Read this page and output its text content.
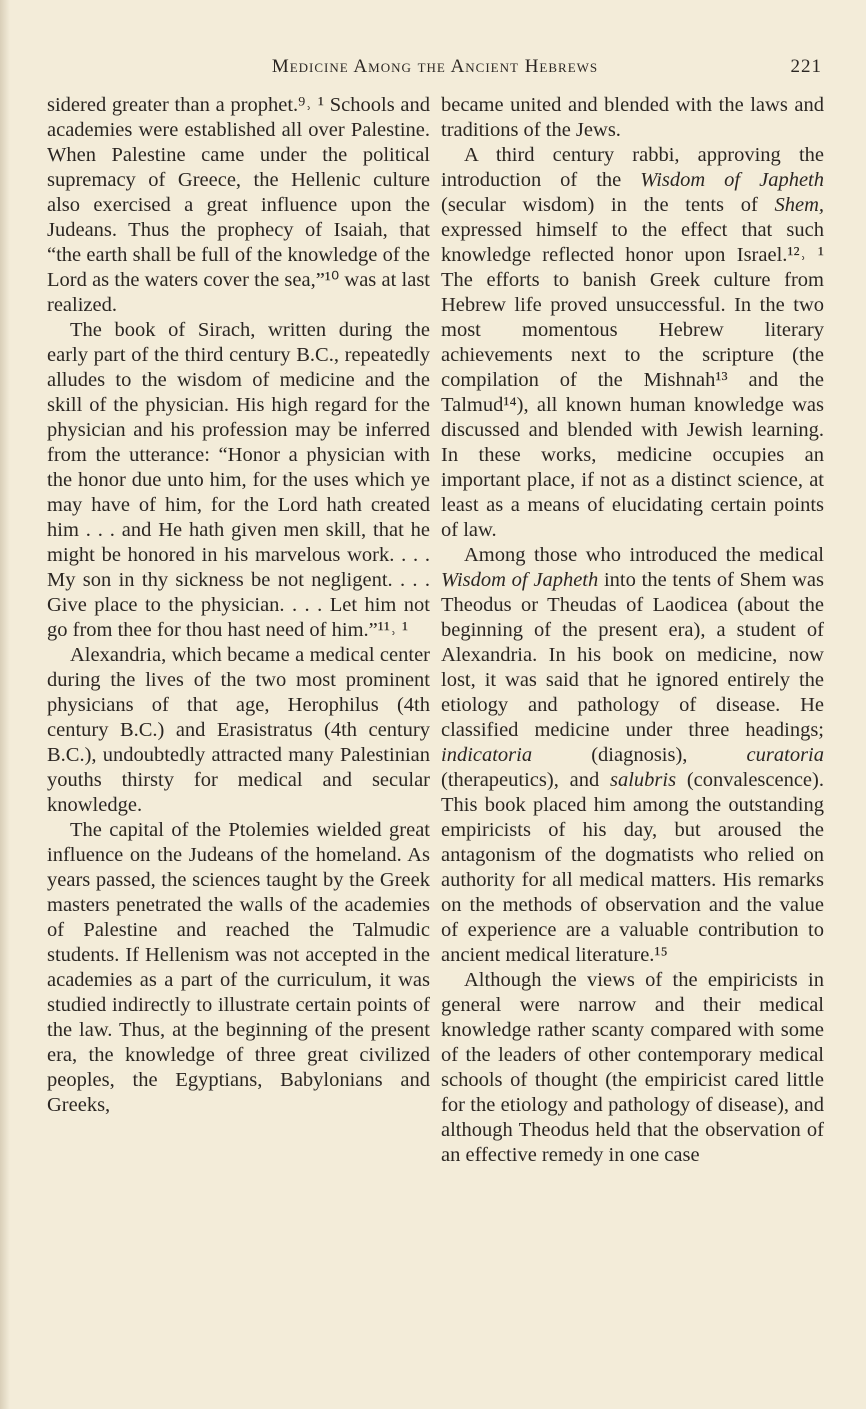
Medicine Among the Ancient Hebrews	221

sidered greater than a prophet.⁹˒ ¹ Schools and academies were established all over Palestine. When Palestine came under the political supremacy of Greece, the Hellenic culture also exercised a great influence upon the Judeans. Thus the prophecy of Isaiah, that “the earth shall be full of the knowledge of the Lord as the waters cover the sea,”¹⁰ was at last realized.

The book of Sirach, written during the early part of the third century B.C., repeatedly alludes to the wisdom of medicine and the skill of the physician. His high regard for the physician and his profession may be inferred from the utterance: “Honor a physician with the honor due unto him, for the uses which ye may have of him, for the Lord hath created him . . . and He hath given men skill, that he might be honored in his marvelous work. . . . My son in thy sickness be not negligent. . . . Give place to the physician. . . . Let him not go from thee for thou hast need of him.”¹¹˒ ¹

Alexandria, which became a medical center during the lives of the two most prominent physicians of that age, Herophilus (4th century B.C.) and Erasistratus (4th century B.C.), undoubtedly attracted many Palestinian youths thirsty for medical and secular knowledge.

The capital of the Ptolemies wielded great influence on the Judeans of the homeland. As years passed, the sciences taught by the Greek masters penetrated the walls of the academies of Palestine and reached the Talmudic students. If Hellenism was not accepted in the academies as a part of the curriculum, it was studied indirectly to illustrate certain points of the law. Thus, at the beginning of the present era, the knowledge of three great civilized peoples, the Egyptians, Babylonians and Greeks,

became united and blended with the laws and traditions of the Jews.

A third century rabbi, approving the introduction of the Wisdom of Japheth (secular wisdom) in the tents of Shem, expressed himself to the effect that such knowledge reflected honor upon Israel.¹²˒ ¹ The efforts to banish Greek culture from Hebrew life proved unsuccessful. In the two most momentous Hebrew literary achievements next to the scripture (the compilation of the Mishnah¹³ and the Talmud¹⁴), all known human knowledge was discussed and blended with Jewish learning. In these works, medicine occupies an important place, if not as a distinct science, at least as a means of elucidating certain points of law.

Among those who introduced the medical Wisdom of Japheth into the tents of Shem was Theodus or Theudas of Laodicea (about the beginning of the present era), a student of Alexandria. In his book on medicine, now lost, it was said that he ignored entirely the etiology and pathology of disease. He classified medicine under three headings; indicatoria (diagnosis), curatoria (therapeutics), and salubris (convalescence). This book placed him among the outstanding empiricists of his day, but aroused the antagonism of the dogmatists who relied on authority for all medical matters. His remarks on the methods of observation and the value of experience are a valuable contribution to ancient medical literature.¹⁵

Although the views of the empiricists in general were narrow and their medical knowledge rather scanty compared with some of the leaders of other contemporary medical schools of thought (the empiricist cared little for the etiology and pathology of disease), and although Theodus held that the observation of an effective remedy in one case
